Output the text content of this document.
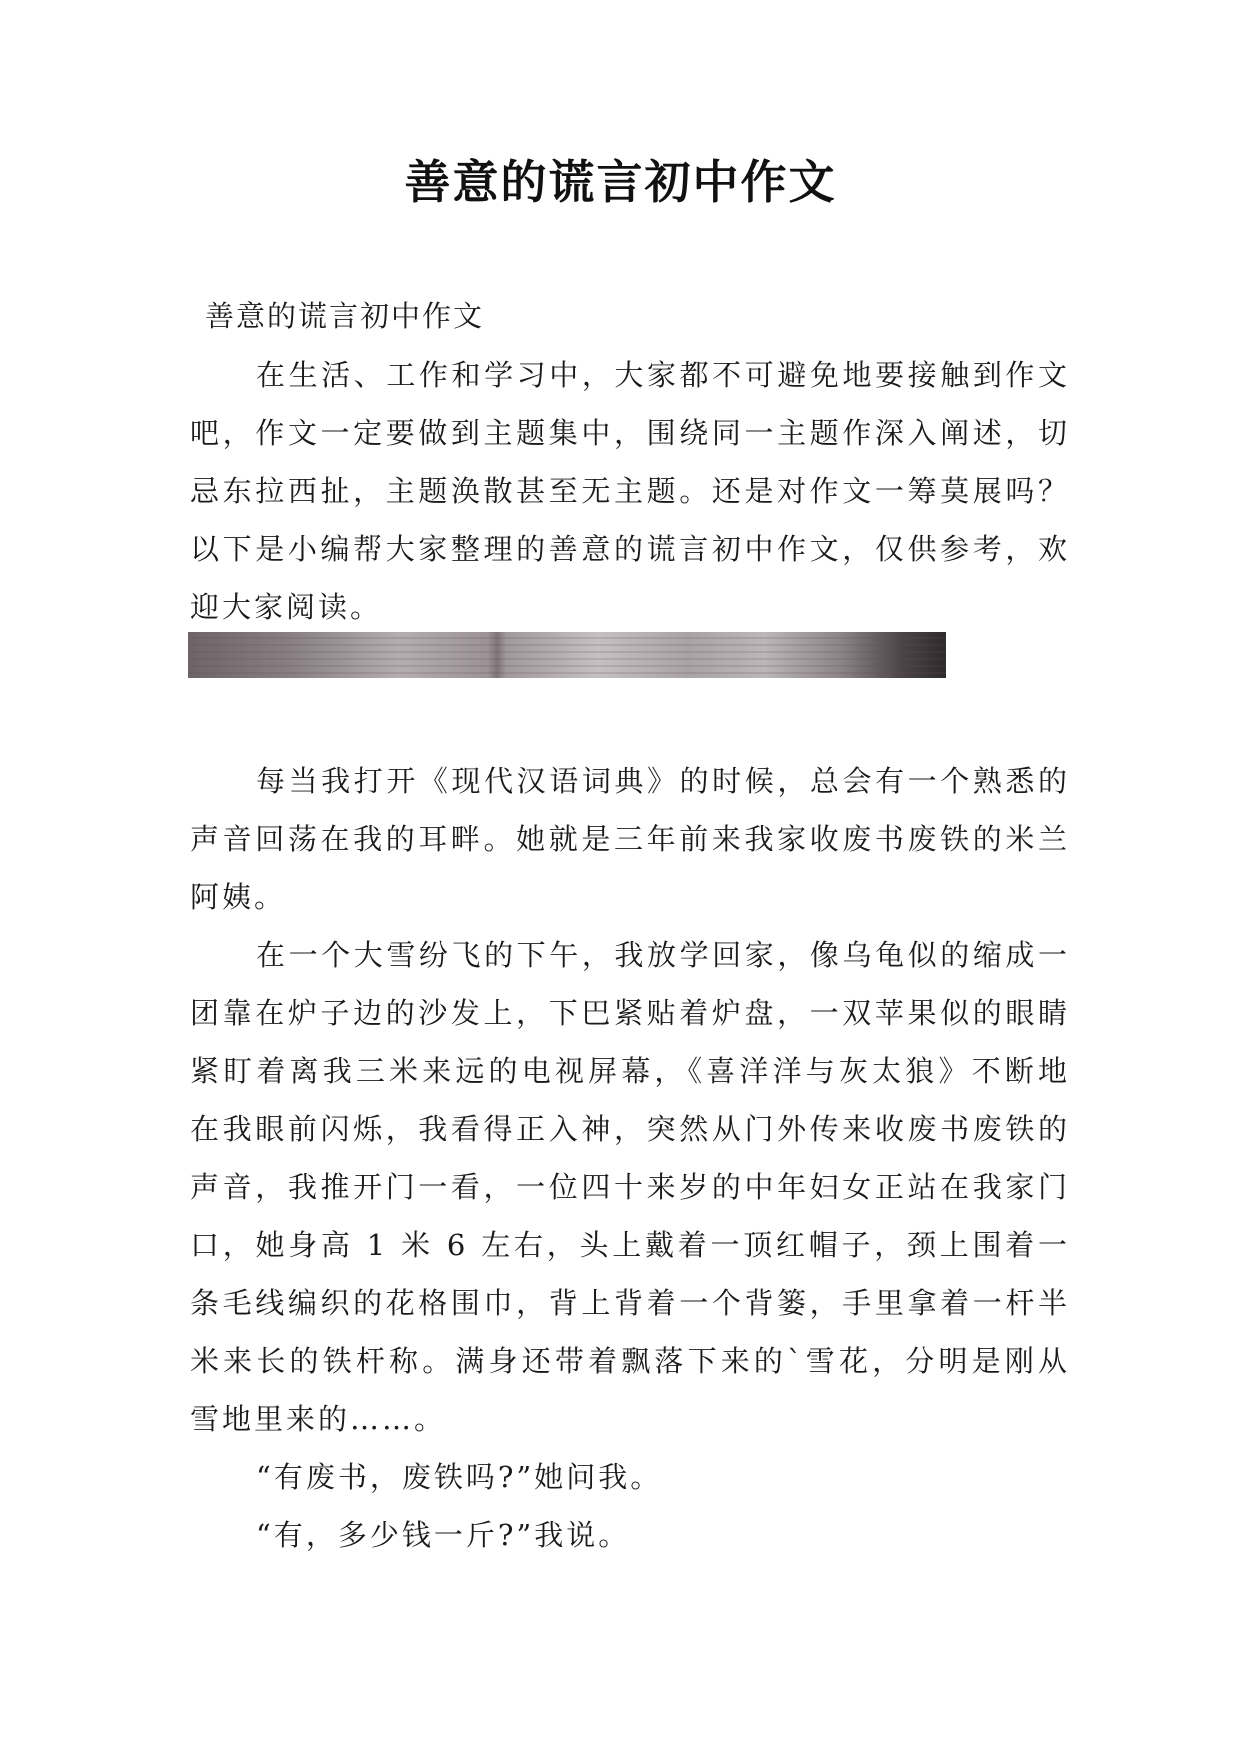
善意的谎言初中作文

善意的谎言初中作文

在生活、工作和学习中，大家都不可避免地要接触到作文吧，作文一定要做到主题集中，围绕同一主题作深入阐述，切忌东拉西扯，主题涣散甚至无主题。还是对作文一筹莫展吗？以下是小编帮大家整理的善意的谎言初中作文，仅供参考，欢迎大家阅读。

每当我打开《现代汉语词典》的时候，总会有一个熟悉的声音回荡在我的耳畔。她就是三年前来我家收废书废铁的米兰阿姨。

在一个大雪纷飞的下午，我放学回家，像乌龟似的缩成一团靠在炉子边的沙发上，下巴紧贴着炉盘，一双苹果似的眼睛紧盯着离我三米来远的电视屏幕，《喜洋洋与灰太狼》不断地在我眼前闪烁，我看得正入神，突然从门外传来收废书废铁的声音，我推开门一看，一位四十来岁的中年妇女正站在我家门口，她身高 1 米 6 左右，头上戴着一顶红帽子，颈上围着一条毛线编织的花格围巾，背上背着一个背篓，手里拿着一杆半米来长的铁杆称。满身还带着飘落下来的`雪花，分明是刚从雪地里来的……。

“有废书，废铁吗?”她问我。

“有，多少钱一斤?”我说。
